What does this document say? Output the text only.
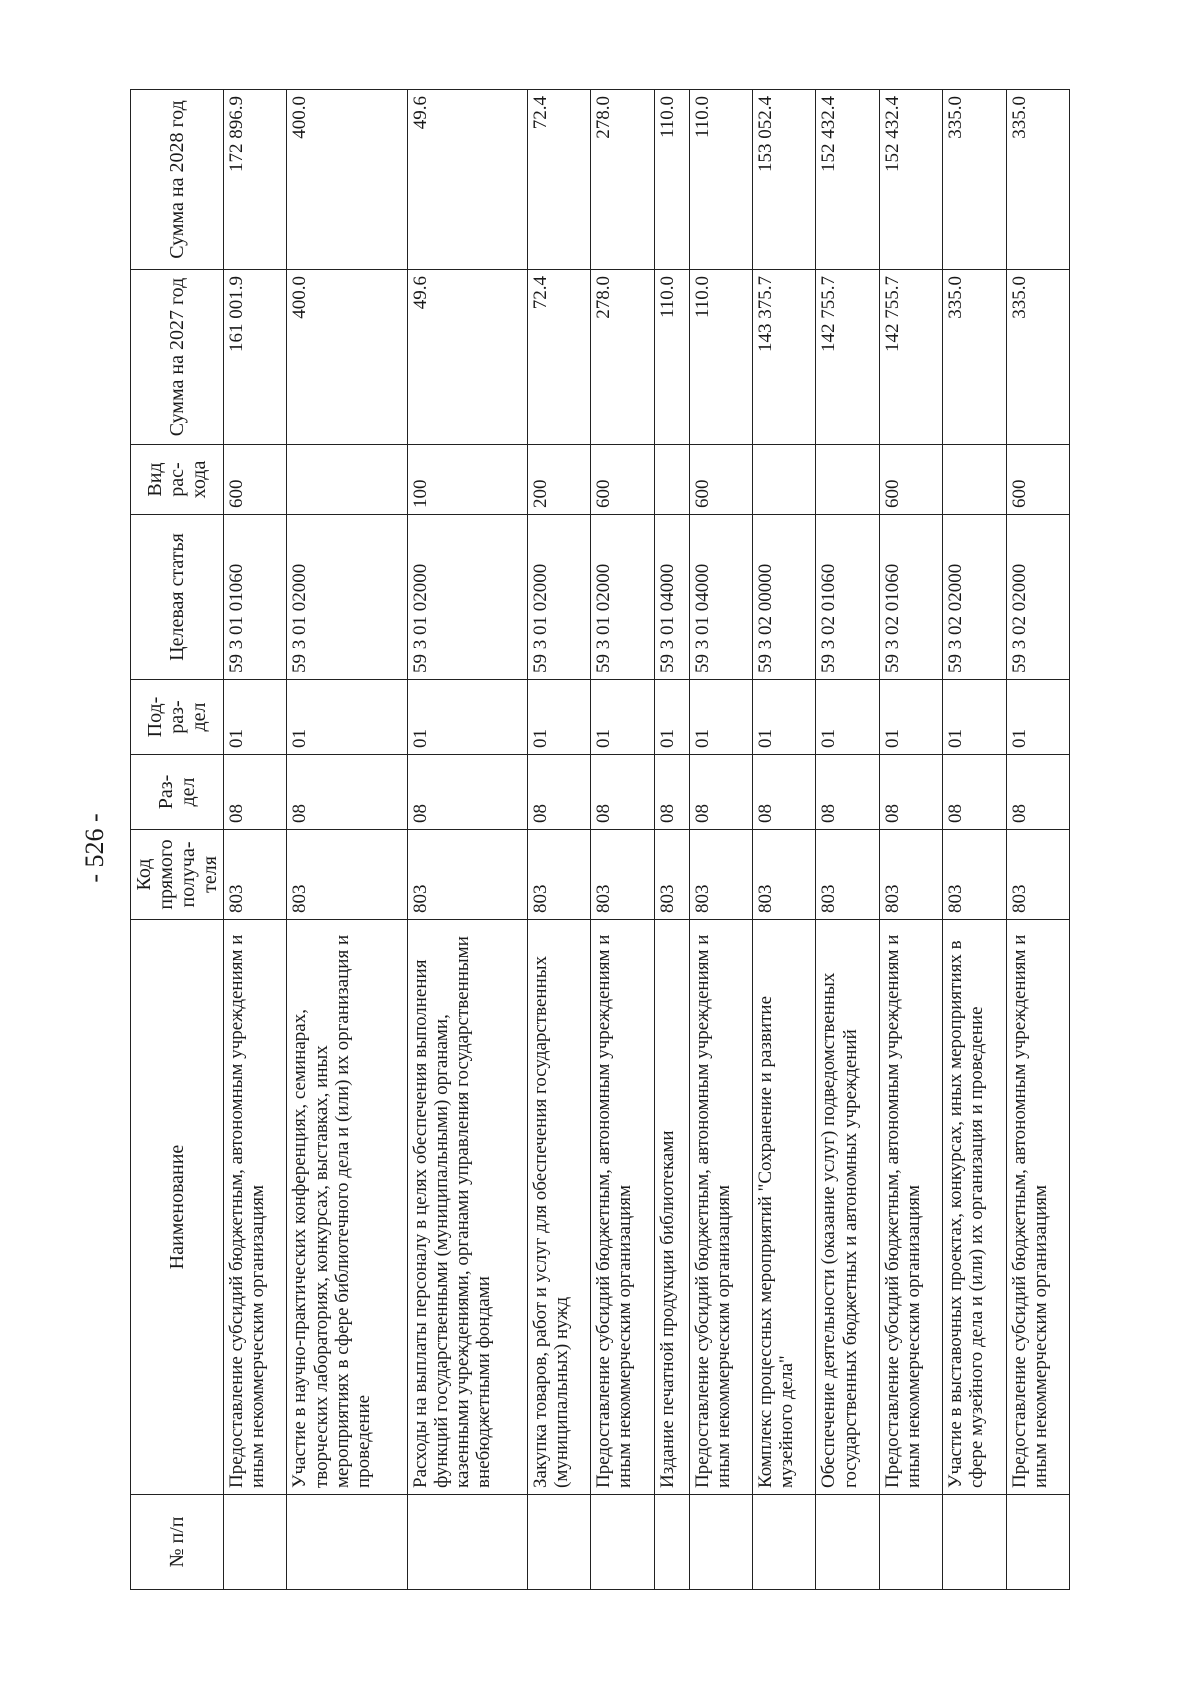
- 526 -
№ п/п	Наименование	Код прямого получа-теля	Раз-дел	Под-раз-дел	Целевая статья	Вид рас-хода	Сумма на 2027 год	Сумма на 2028 год
	Предоставление субсидий бюджетным, автономным учреждениям и иным некоммерческим организациям	803	08	01	59 3 01 01060	600	161 001.9	172 896.9
	Участие в научно-практических конференциях, семинарах, творческих лабораториях, конкурсах, выставках, иных мероприятиях в сфере библиотечного дела и (или) их организация и проведение	803	08	01	59 3 01 02000		400.0	400.0
	Расходы на выплаты персоналу в целях обеспечения выполнения функций государственными (муниципальными) органами, казенными учреждениями, органами управления государственными внебюджетными фондами	803	08	01	59 3 01 02000	100	49.6	49.6
	Закупка товаров, работ и услуг для обеспечения государственных (муниципальных) нужд	803	08	01	59 3 01 02000	200	72.4	72.4
	Предоставление субсидий бюджетным, автономным учреждениям и иным некоммерческим организациям	803	08	01	59 3 01 02000	600	278.0	278.0
	Издание печатной продукции библиотеками	803	08	01	59 3 01 04000		110.0	110.0
	Предоставление субсидий бюджетным, автономным учреждениям и иным некоммерческим организациям	803	08	01	59 3 01 04000	600	110.0	110.0
	Комплекс процессных мероприятий "Сохранение и развитие музейного дела"	803	08	01	59 3 02 00000		143 375.7	153 052.4
	Обеспечение деятельности (оказание услуг) подведомственных государственных бюджетных и автономных учреждений	803	08	01	59 3 02 01060		142 755.7	152 432.4
	Предоставление субсидий бюджетным, автономным учреждениям и иным некоммерческим организациям	803	08	01	59 3 02 01060	600	142 755.7	152 432.4
	Участие в выставочных проектах, конкурсах, иных мероприятиях в сфере музейного дела и (или) их организация и проведение	803	08	01	59 3 02 02000		335.0	335.0
	Предоставление субсидий бюджетным, автономным учреждениям и иным некоммерческим организациям	803	08	01	59 3 02 02000	600	335.0	335.0
